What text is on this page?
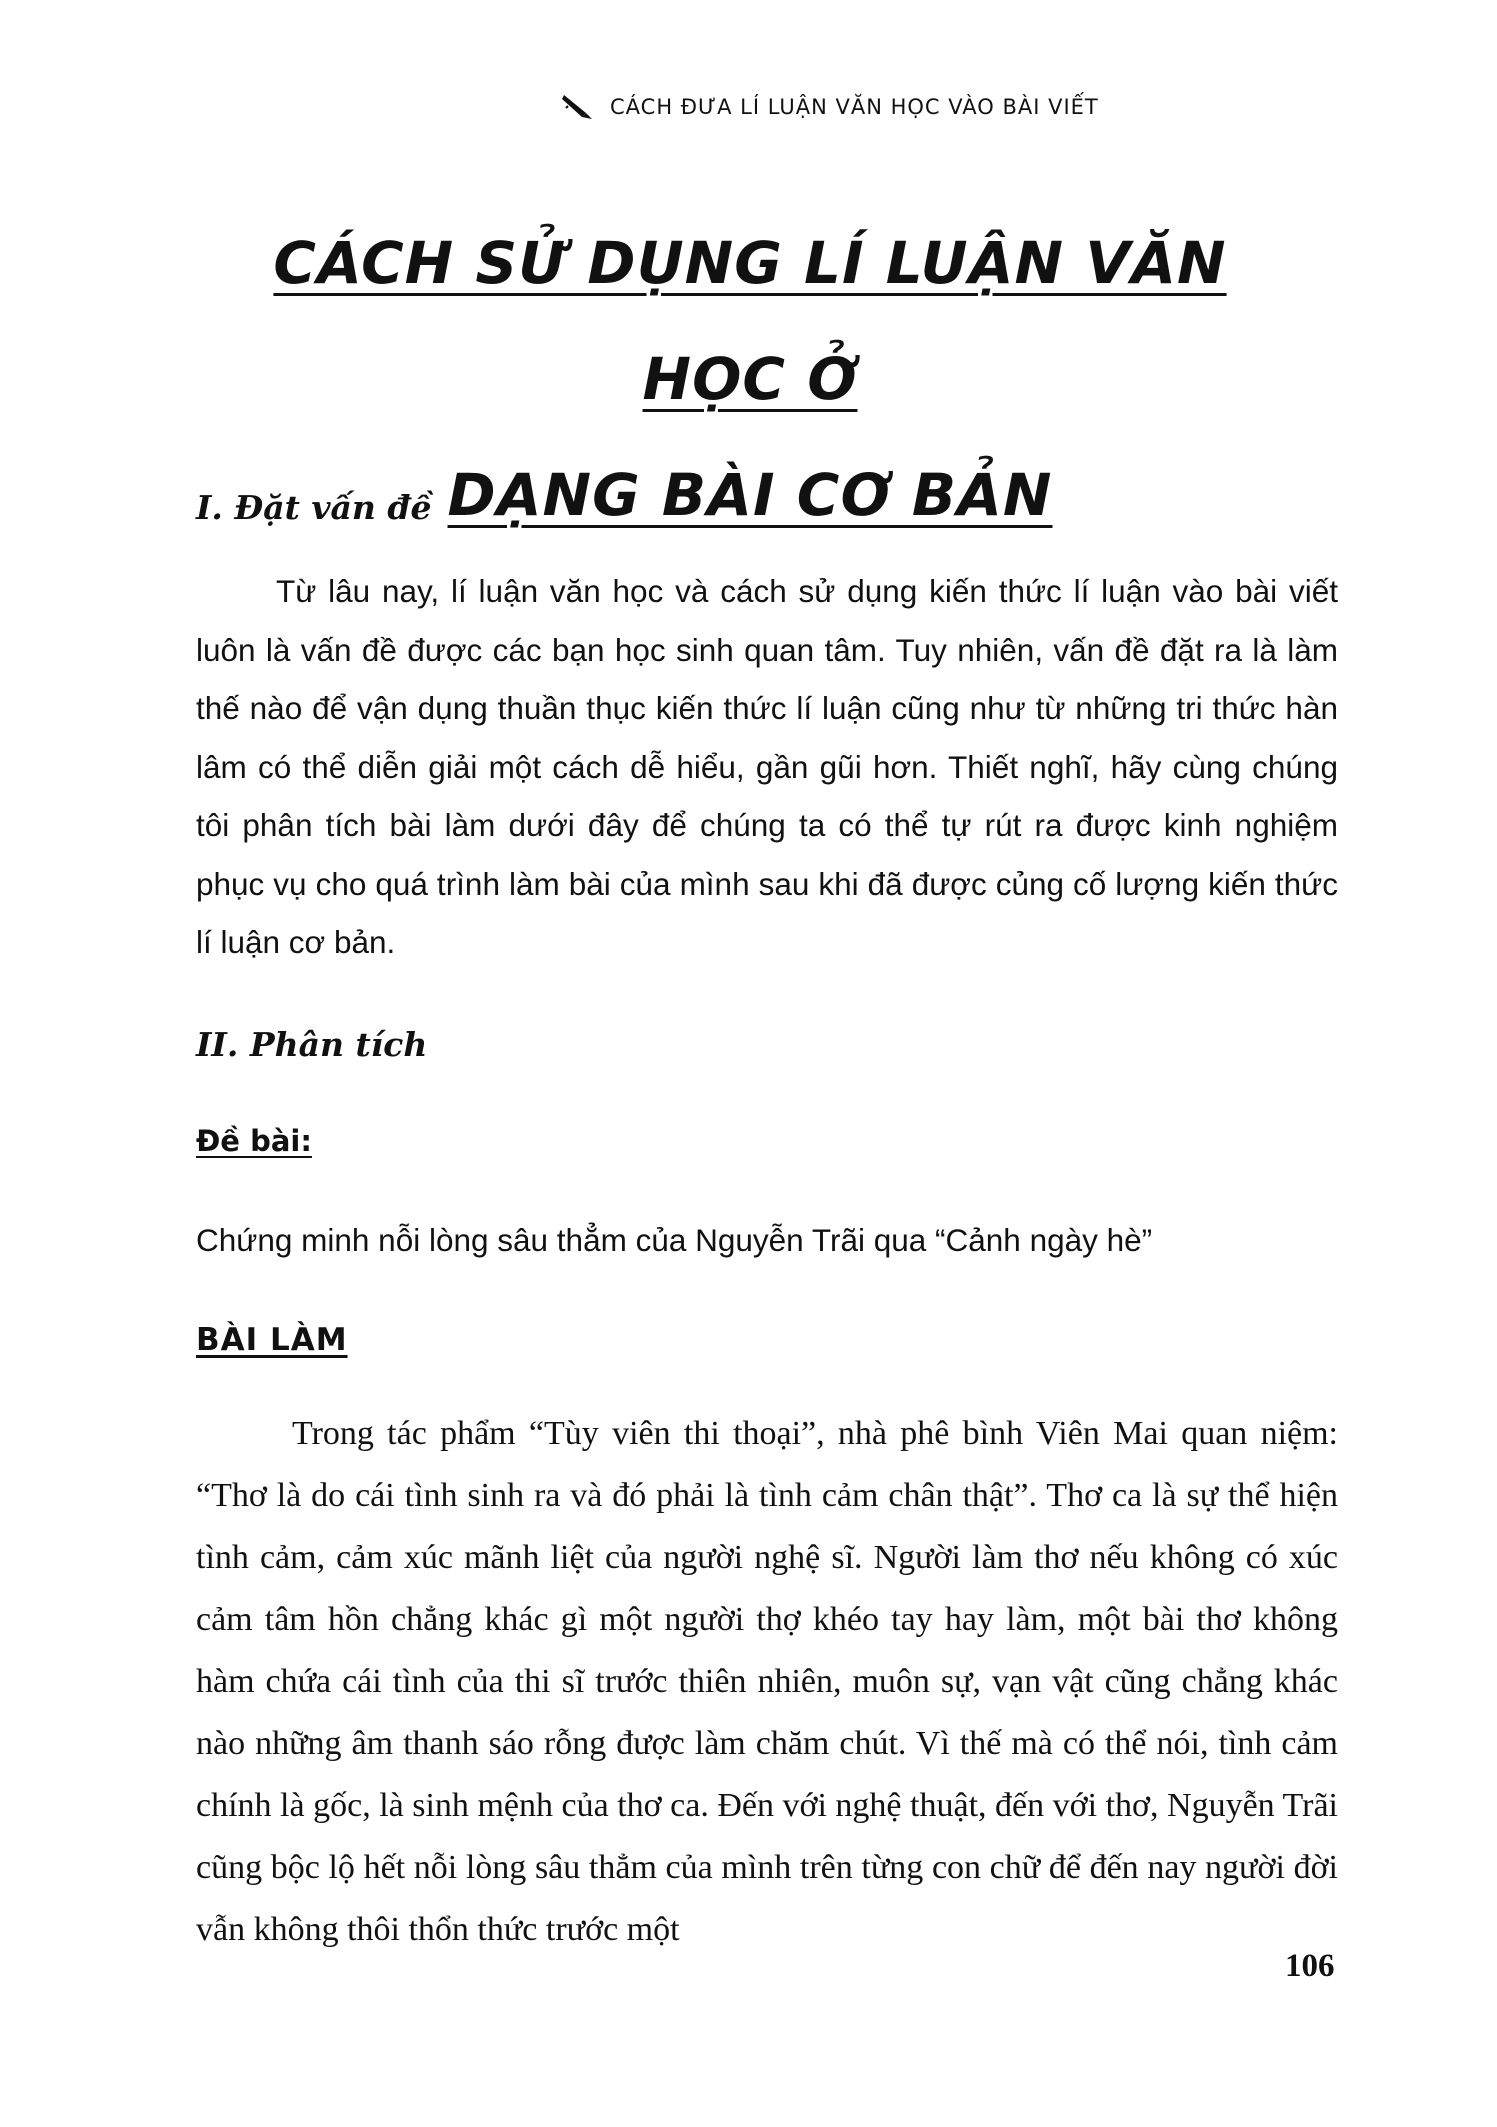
CÁCH ĐƯA LÍ LUẬN VĂN HỌC VÀO BÀI VIẾT
CÁCH SỬ DỤNG LÍ LUẬN VĂN HỌC Ở
DẠNG BÀI CƠ BẢN
I. Đặt vấn đề

Từ lâu nay, lí luận văn học và cách sử dụng kiến thức lí luận vào bài viết luôn là vấn đề được các bạn học sinh quan tâm. Tuy nhiên, vấn đề đặt ra là làm thế nào để vận dụng thuần thục kiến thức lí luận cũng như từ những tri thức hàn lâm có thể diễn giải một cách dễ hiểu, gần gũi hơn. Thiết nghĩ, hãy cùng chúng tôi phân tích bài làm dưới đây để chúng ta có thể tự rút ra được kinh nghiệm phục vụ cho quá trình làm bài của mình sau khi đã được củng cố lượng kiến thức lí luận cơ bản.

II. Phân tích
Đề bài:
Chứng minh nỗi lòng sâu thẳm của Nguyễn Trãi qua “Cảnh ngày hè”
BÀI LÀM

Trong tác phẩm “Tùy viên thi thoại”, nhà phê bình Viên Mai quan niệm: “Thơ là do cái tình sinh ra và đó phải là tình cảm chân thật”. Thơ ca là sự thể hiện tình cảm, cảm xúc mãnh liệt của người nghệ sĩ. Người làm thơ nếu không có xúc cảm tâm hồn chẳng khác gì một người thợ khéo tay hay làm, một bài thơ không hàm chứa cái tình của thi sĩ trước thiên nhiên, muôn sự, vạn vật cũng chẳng khác nào những âm thanh sáo rỗng được làm chăm chút. Vì thế mà có thể nói, tình cảm chính là gốc, là sinh mệnh của thơ ca. Đến với nghệ thuật, đến với thơ, Nguyễn Trãi cũng bộc lộ hết nỗi lòng sâu thẳm của mình trên từng con chữ để đến nay người đời vẫn không thôi thổn thức trước một

106
